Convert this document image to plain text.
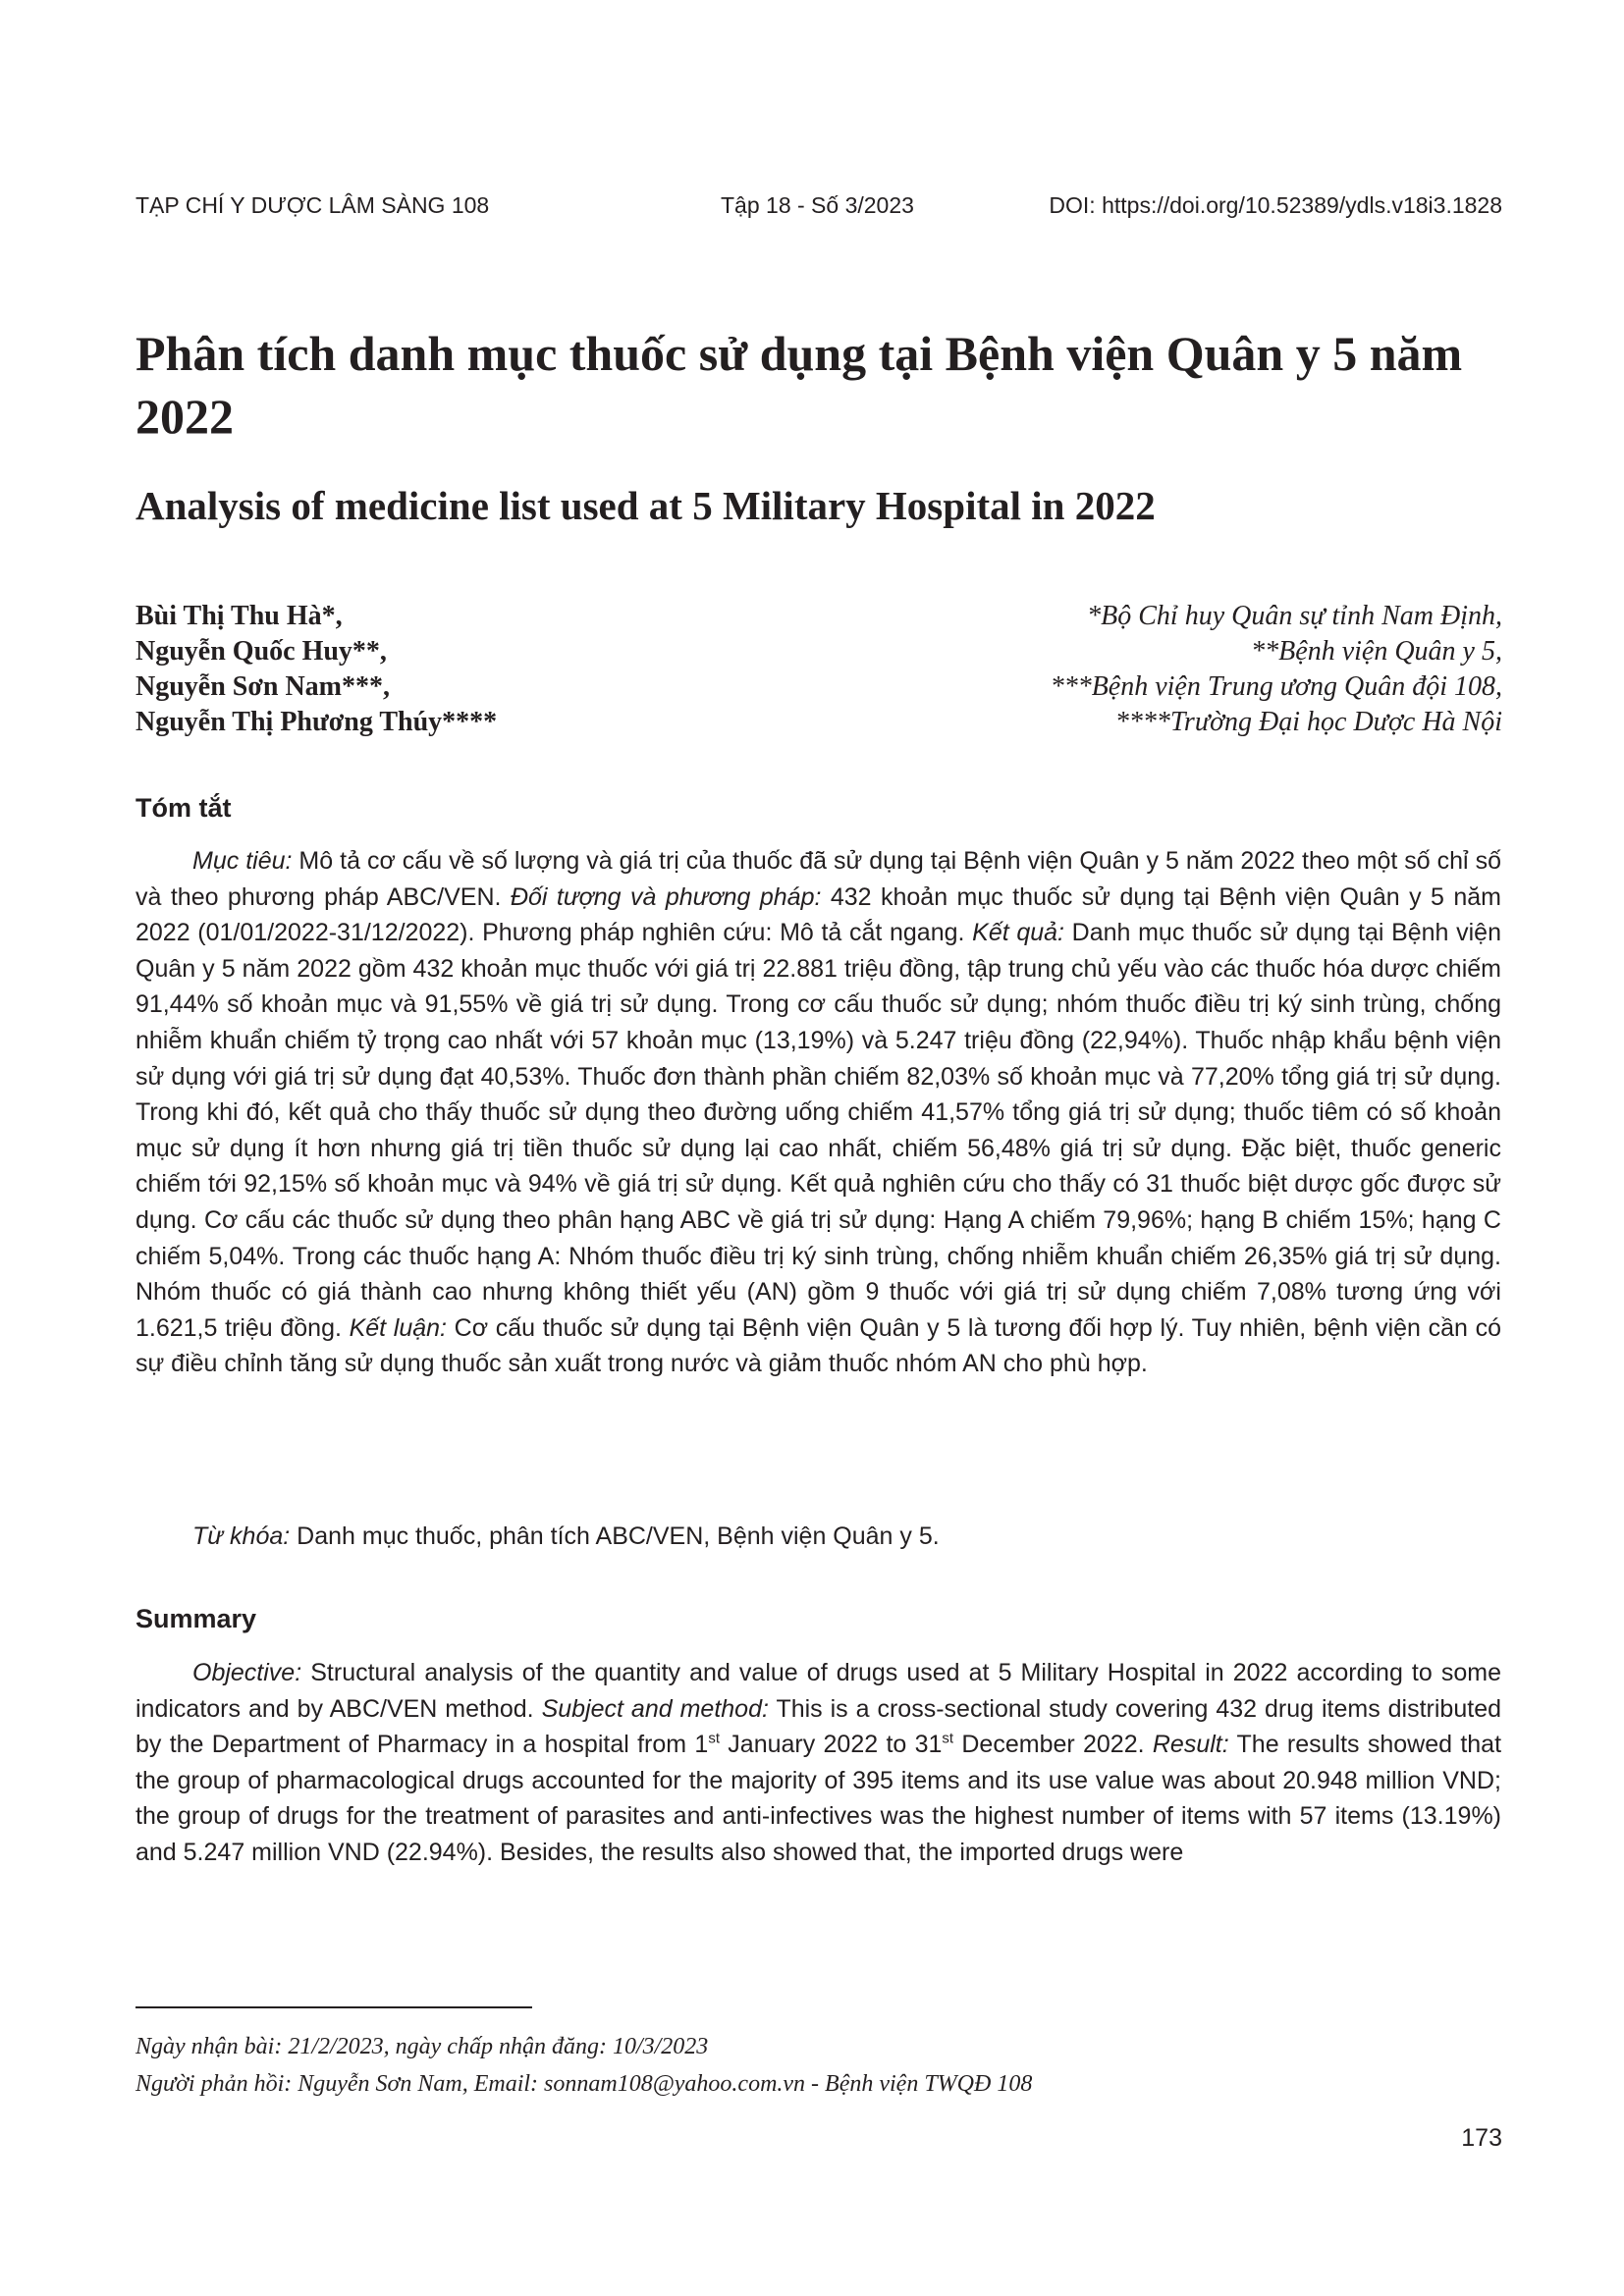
TẠP CHÍ Y DƯỢC LÂM SÀNG 108	Tập 18 - Số 3/2023	DOI: https://doi.org/10.52389/ydls.v18i3.1828
Phân tích danh mục thuốc sử dụng tại Bệnh viện Quân y 5 năm 2022
Analysis of medicine list used at 5 Military Hospital in 2022
Bùi Thị Thu Hà*,
Nguyễn Quốc Huy**,
Nguyễn Sơn Nam***,
Nguyễn Thị Phương Thúy****
*Bộ Chỉ huy Quân sự tỉnh Nam Định,
**Bệnh viện Quân y 5,
***Bệnh viện Trung ương Quân đội 108,
****Trường Đại học Dược Hà Nội
Tóm tắt

Mục tiêu: Mô tả cơ cấu về số lượng và giá trị của thuốc đã sử dụng tại Bệnh viện Quân y 5 năm 2022 theo một số chỉ số và theo phương pháp ABC/VEN. Đối tượng và phương pháp: 432 khoản mục thuốc sử dụng tại Bệnh viện Quân y 5 năm 2022 (01/01/2022-31/12/2022). Phương pháp nghiên cứu: Mô tả cắt ngang. Kết quả: Danh mục thuốc sử dụng tại Bệnh viện Quân y 5 năm 2022 gồm 432 khoản mục thuốc với giá trị 22.881 triệu đồng, tập trung chủ yếu vào các thuốc hóa dược chiếm 91,44% số khoản mục và 91,55% về giá trị sử dụng. Trong cơ cấu thuốc sử dụng; nhóm thuốc điều trị ký sinh trùng, chống nhiễm khuẩn chiếm tỷ trọng cao nhất với 57 khoản mục (13,19%) và 5.247 triệu đồng (22,94%). Thuốc nhập khẩu bệnh viện sử dụng với giá trị sử dụng đạt 40,53%. Thuốc đơn thành phần chiếm 82,03% số khoản mục và 77,20% tổng giá trị sử dụng. Trong khi đó, kết quả cho thấy thuốc sử dụng theo đường uống chiếm 41,57% tổng giá trị sử dụng; thuốc tiêm có số khoản mục sử dụng ít hơn nhưng giá trị tiền thuốc sử dụng lại cao nhất, chiếm 56,48% giá trị sử dụng. Đặc biệt, thuốc generic chiếm tới 92,15% số khoản mục và 94% về giá trị sử dụng. Kết quả nghiên cứu cho thấy có 31 thuốc biệt dược gốc được sử dụng. Cơ cấu các thuốc sử dụng theo phân hạng ABC về giá trị sử dụng: Hạng A chiếm 79,96%; hạng B chiếm 15%; hạng C chiếm 5,04%. Trong các thuốc hạng A: Nhóm thuốc điều trị ký sinh trùng, chống nhiễm khuẩn chiếm 26,35% giá trị sử dụng. Nhóm thuốc có giá thành cao nhưng không thiết yếu (AN) gồm 9 thuốc với giá trị sử dụng chiếm 7,08% tương ứng với 1.621,5 triệu đồng. Kết luận: Cơ cấu thuốc sử dụng tại Bệnh viện Quân y 5 là tương đối hợp lý. Tuy nhiên, bệnh viện cần có sự điều chỉnh tăng sử dụng thuốc sản xuất trong nước và giảm thuốc nhóm AN cho phù hợp.

Từ khóa: Danh mục thuốc, phân tích ABC/VEN, Bệnh viện Quân y 5.

Summary

Objective: Structural analysis of the quantity and value of drugs used at 5 Military Hospital in 2022 according to some indicators and by ABC/VEN method. Subject and method: This is a cross-sectional study covering 432 drug items distributed by the Department of Pharmacy in a hospital from 1st January 2022 to 31st December 2022. Result: The results showed that the group of pharmacological drugs accounted for the majority of 395 items and its use value was about 20.948 million VND; the group of drugs for the treatment of parasites and anti-infectives was the highest number of items with 57 items (13.19%) and 5.247 million VND (22.94%). Besides, the results also showed that, the imported drugs were

Ngày nhận bài: 21/2/2023, ngày chấp nhận đăng: 10/3/2023
Người phản hồi: Nguyễn Sơn Nam, Email: sonnam108@yahoo.com.vn - Bệnh viện TWQĐ 108
173
